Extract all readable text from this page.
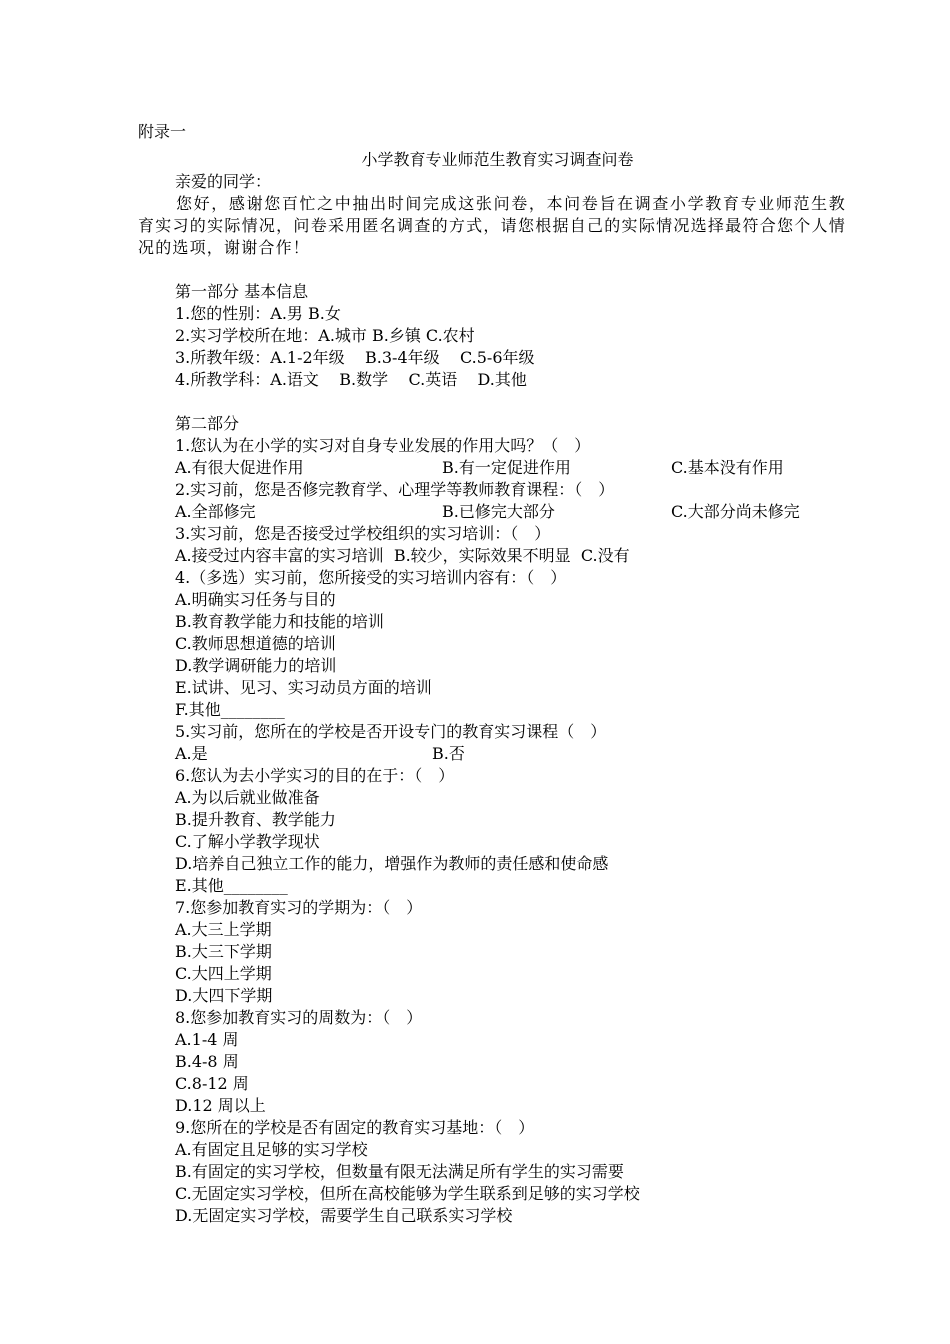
附录一
小学教育专业师范生教育实习调查问卷
亲爱的同学：
您好，感谢您百忙之中抽出时间完成这张问卷，本问卷旨在调查小学教育专业师范生教育实习的实际情况，问卷采用匿名调查的方式，请您根据自己的实际情况选择最符合您个人情况的选项，谢谢合作！
第一部分 基本信息
1.您的性别：A.男 B.女
2.实习学校所在地：A.城市 B.乡镇 C.农村
3.所教年级：A.1-2年级    B.3-4年级    C.5-6年级
4.所教学科：A.语文    B.数学    C.英语    D.其他
第二部分
1.您认为在小学的实习对自身专业发展的作用大吗？（　）
A.有很大促进作用	B.有一定促进作用	C.基本没有作用
2.实习前，您是否修完教育学、心理学等教师教育课程：（　）
A.全部修完	B.已修完大部分	C.大部分尚未修完
3.实习前，您是否接受过学校组织的实习培训：（　）
A.接受过内容丰富的实习培训  B.较少，实际效果不明显  C.没有
4.（多选）实习前，您所接受的实习培训内容有：（　）
A.明确实习任务与目的
B.教育教学能力和技能的培训
C.教师思想道德的培训
D.教学调研能力的培训
E.试讲、见习、实习动员方面的培训
F.其他________
5.实习前，您所在的学校是否开设专门的教育实习课程（　）
A.是	B.否
6.您认为去小学实习的目的在于：（　）
A.为以后就业做准备
B.提升教育、教学能力
C.了解小学教学现状
D.培养自己独立工作的能力，增强作为教师的责任感和使命感
E.其他________
7.您参加教育实习的学期为：（　）
A.大三上学期
B.大三下学期
C.大四上学期
D.大四下学期
8.您参加教育实习的周数为：（　）
A.1-4 周
B.4-8 周
C.8-12 周
D.12 周以上
9.您所在的学校是否有固定的教育实习基地：（　）
A.有固定且足够的实习学校
B.有固定的实习学校，但数量有限无法满足所有学生的实习需要
C.无固定实习学校，但所在高校能够为学生联系到足够的实习学校
D.无固定实习学校，需要学生自己联系实习学校
